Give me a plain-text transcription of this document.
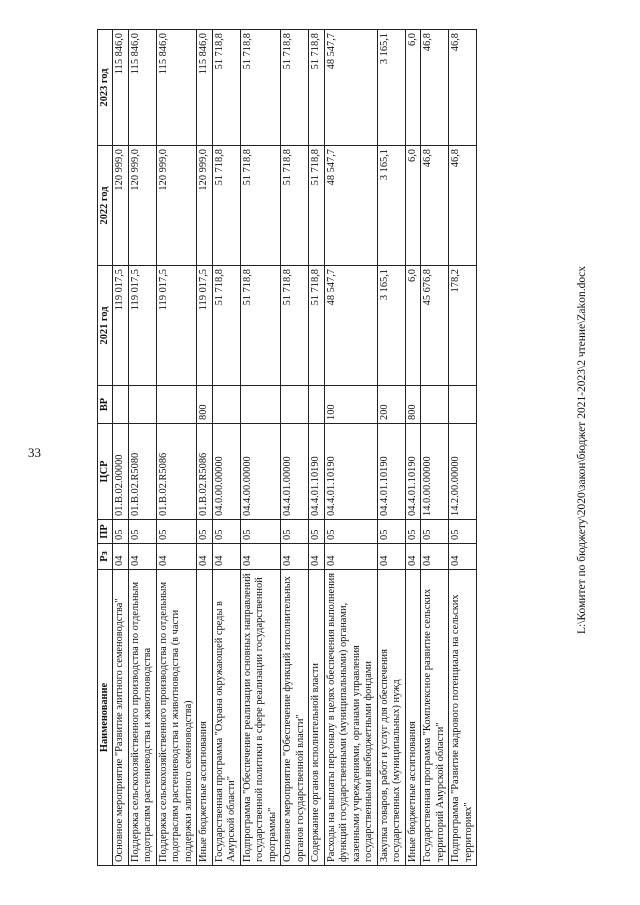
33
Наименование	Рз	ПР	ЦСР	ВР	2021 год	2022 год	2023 год
Основное мероприятие "Развитие элитного семеноводства"	04	05	01.В.02.00000		119 017,5	120 999,0	115 846,0
Поддержка сельскохозяйственного производства по отдельным подотраслям растениеводства и животноводства	04	05	01.В.02.R5080		119 017,5	120 999,0	115 846,0
Поддержка сельскохозяйственного производства по отдельным подотраслям растениеводства и животноводства (в части поддержки элитного семеноводства)	04	05	01.В.02.R5086		119 017,5	120 999,0	115 846,0
Иные бюджетные ассигнования	04	05	01.В.02.R5086	800	119 017,5	120 999,0	115 846,0
Государственная программа "Охрана окружающей среды в Амурской области"	04	05	04.0.00.00000		51 718,8	51 718,8	51 718,8
Подпрограмма "Обеспечение реализации основных направлений государственной политики в сфере реализации государственной программы"	04	05	04.4.00.00000		51 718,8	51 718,8	51 718,8
Основное мероприятие "Обеспечение функций исполнительных органов государственной власти"	04	05	04.4.01.00000		51 718,8	51 718,8	51 718,8
Содержание органов исполнительной власти	04	05	04.4.01.10190		51 718,8	51 718,8	51 718,8
Расходы на выплаты персоналу в целях обеспечения выполнения функций государственными (муниципальными) органами, казенными учреждениями, органами управления государственными внебюджетными фондами	04	05	04.4.01.10190	100	48 547,7	48 547,7	48 547,7
Закупка товаров, работ и услуг для обеспечения государственных (муниципальных) нужд	04	05	04.4.01.10190	200	3 165,1	3 165,1	3 165,1
Иные бюджетные ассигнования	04	05	04.4.01.10190	800	6,0	6,0	6,0
Государственная программа "Комплексное развитие сельских территорий Амурской области"	04	05	14.0.00.00000		45 676,8	46,8	46,8
Подпрограмма "Развитие кадрового потенциала на сельских территориях"	04	05	14.2.00.00000		178,2	46,8	46,8
L:\Комитет по бюджету\2020\закон\бюджет 2021-2023\2 чтение\Zakon.docx
